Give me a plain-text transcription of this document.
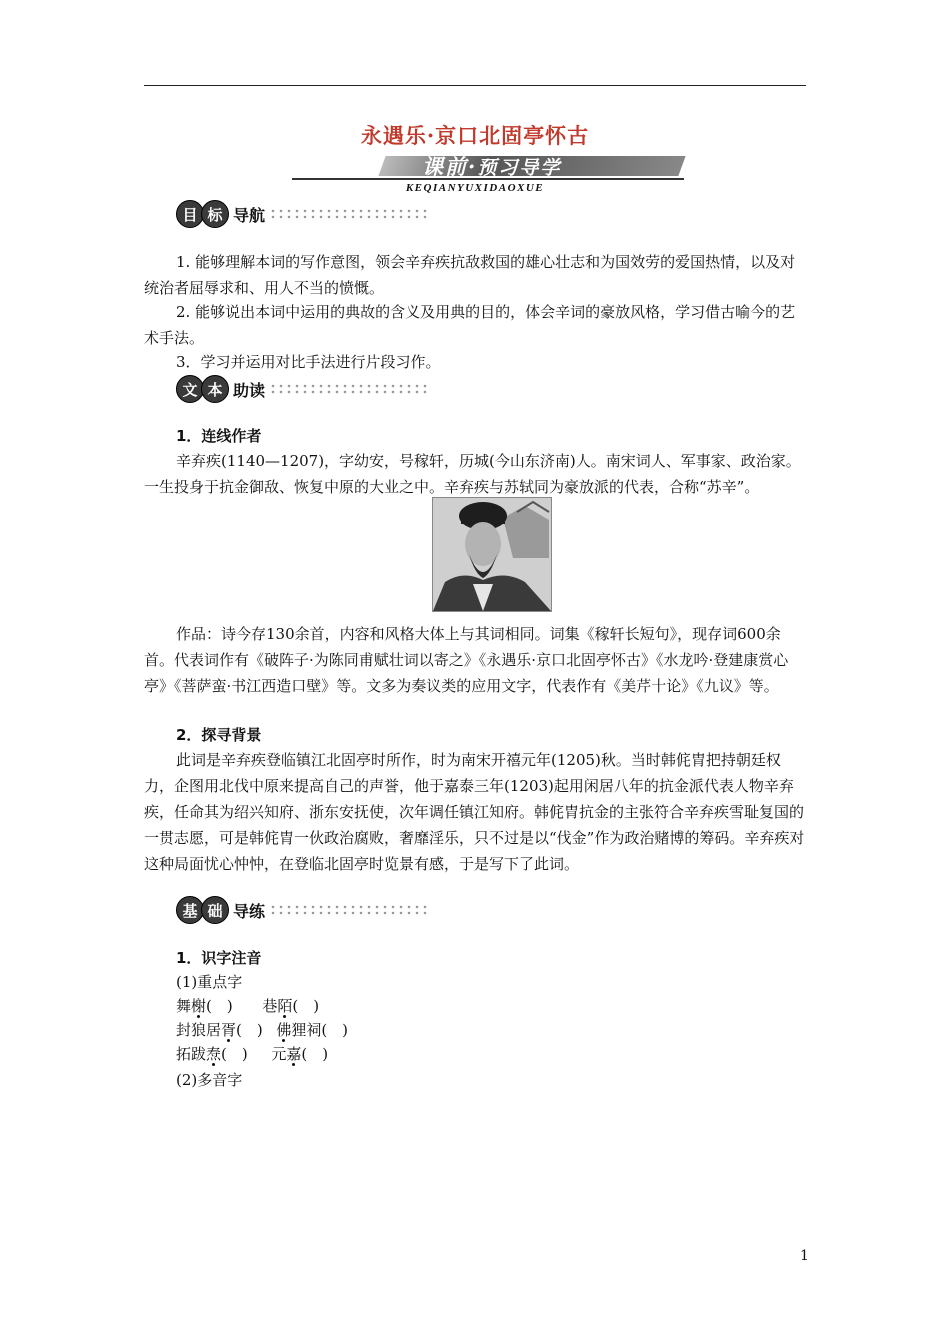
永遇乐·京口北固亭怀古
课前·预习导学
KEQIANYUXIDAOXUE
目 标 导航
1. 能够理解本词的写作意图，领会辛弃疾抗敌救国的雄心壮志和为国效劳的爱国热情，以及对统治者屈辱求和、用人不当的愤慨。
2. 能够说出本词中运用的典故的含义及用典的目的，体会辛词的豪放风格，学习借古喻今的艺术手法。
3．学习并运用对比手法进行片段习作。
文 本 助读
1．连线作者
辛弃疾(1140—1207)，字幼安，号稼轩，历城(今山东济南)人。南宋词人、军事家、政治家。一生投身于抗金御敌、恢复中原的大业之中。辛弃疾与苏轼同为豪放派的代表，合称“苏辛”。
作品：诗今存130余首，内容和风格大体上与其词相同。词集《稼轩长短句》，现存词600余首。代表词作有《破阵子·为陈同甫赋壮词以寄之》《永遇乐·京口北固亭怀古》《水龙吟·登建康赏心亭》《菩萨蛮·书江西造口壁》等。文多为奏议类的应用文字，代表作有《美芹十论》《九议》等。
2．探寻背景
此词是辛弃疾登临镇江北固亭时所作，时为南宋开禧元年(1205)秋。当时韩侂胄把持朝廷权力，企图用北伐中原来提高自己的声誉，他于嘉泰三年(1203)起用闲居八年的抗金派代表人物辛弃疾，任命其为绍兴知府、浙东安抚使，次年调任镇江知府。韩侂胄抗金的主张符合辛弃疾雪耻复国的一贯志愿，可是韩侂胄一伙政治腐败，奢靡淫乐，只不过是以“伐金”作为政治赌博的筹码。辛弃疾对这种局面忧心忡忡，在登临北固亭时览景有感，于是写下了此词。
基 础 导练
1．识字注音
(1)重点字
舞榭(　) 巷陌(　)
封狼居胥(　) 佛狸祠(　)
拓跋焘(　) 元嘉(　)
(2)多音字
1
